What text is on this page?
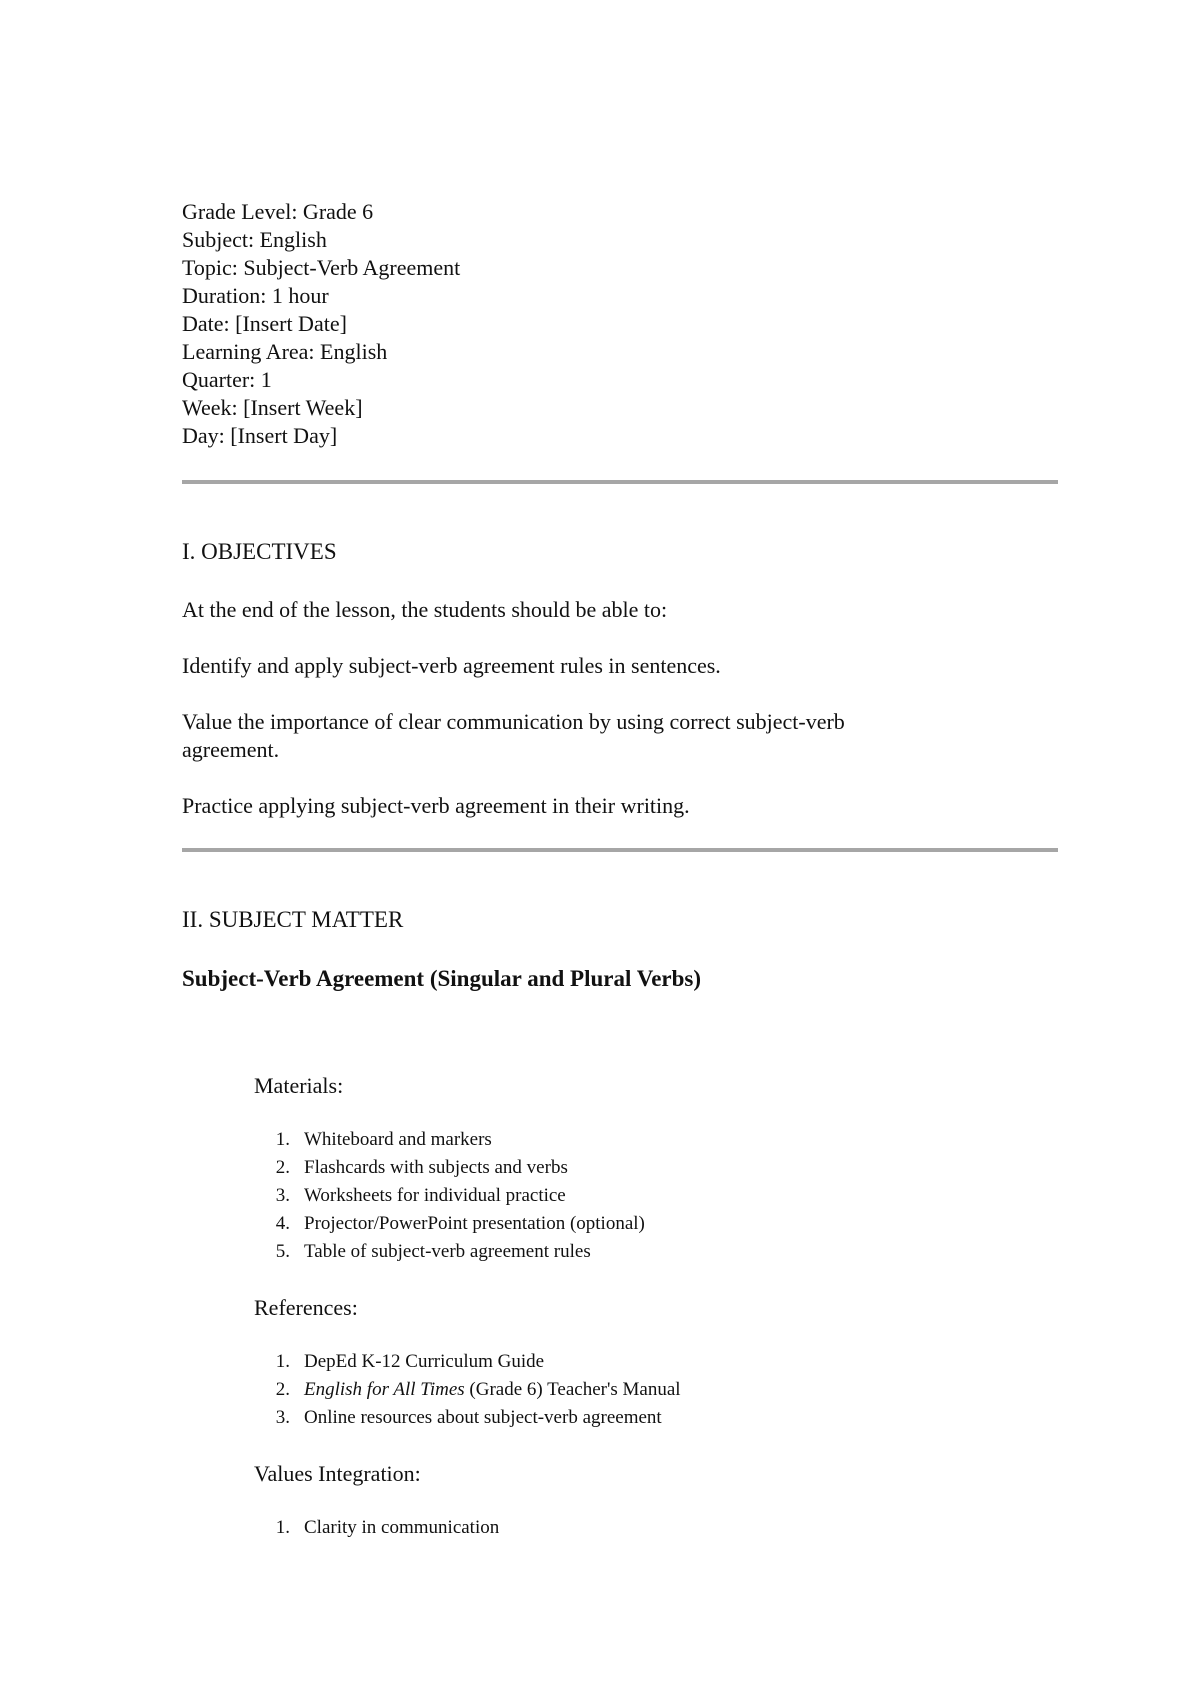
Grade Level: Grade 6
Subject: English
Topic: Subject-Verb Agreement
Duration: 1 hour
Date: [Insert Date]
Learning Area: English
Quarter: 1
Week: [Insert Week]
Day: [Insert Day]
I. OBJECTIVES
At the end of the lesson, the students should be able to:
Identify and apply subject-verb agreement rules in sentences.
Value the importance of clear communication by using correct subject-verb agreement.
Practice applying subject-verb agreement in their writing.
II. SUBJECT MATTER
Subject-Verb Agreement (Singular and Plural Verbs)
Materials:
1. Whiteboard and markers
2. Flashcards with subjects and verbs
3. Worksheets for individual practice
4. Projector/PowerPoint presentation (optional)
5. Table of subject-verb agreement rules
References:
1. DepEd K-12 Curriculum Guide
2. English for All Times (Grade 6) Teacher's Manual
3. Online resources about subject-verb agreement
Values Integration:
1. Clarity in communication
